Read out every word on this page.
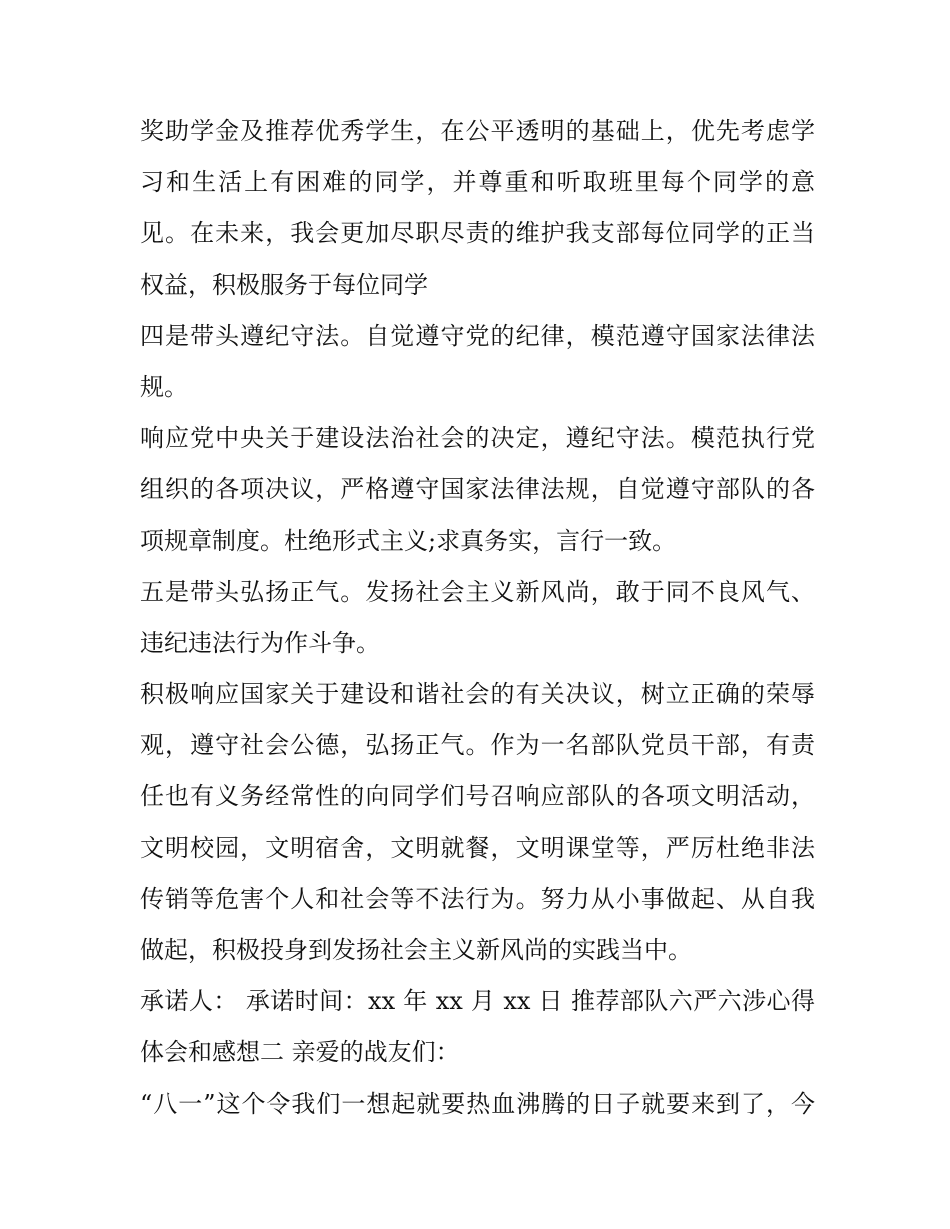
奖助学金及推荐优秀学生，在公平透明的基础上，优先考虑学
习和生活上有困难的同学，并尊重和听取班里每个同学的意
见。在未来，我会更加尽职尽责的维护我支部每位同学的正当
权益，积极服务于每位同学
四是带头遵纪守法。自觉遵守党的纪律，模范遵守国家法律法
规。
响应党中央关于建设法治社会的决定，遵纪守法。模范执行党
组织的各项决议，严格遵守国家法律法规，自觉遵守部队的各
项规章制度。杜绝形式主义;求真务实，言行一致。
五是带头弘扬正气。发扬社会主义新风尚，敢于同不良风气、
违纪违法行为作斗争。
积极响应国家关于建设和谐社会的有关决议，树立正确的荣辱
观，遵守社会公德，弘扬正气。作为一名部队党员干部，有责
任也有义务经常性的向同学们号召响应部队的各项文明活动，
文明校园，文明宿舍，文明就餐，文明课堂等，严厉杜绝非法
传销等危害个人和社会等不法行为。努力从小事做起、从自我
做起，积极投身到发扬社会主义新风尚的实践当中。
承诺人： 承诺时间：xx 年 xx 月 xx 日 推荐部队六严六涉心得
体会和感想二 亲爱的战友们：
“八一”这个令我们一想起就要热血沸腾的日子就要来到了，今
